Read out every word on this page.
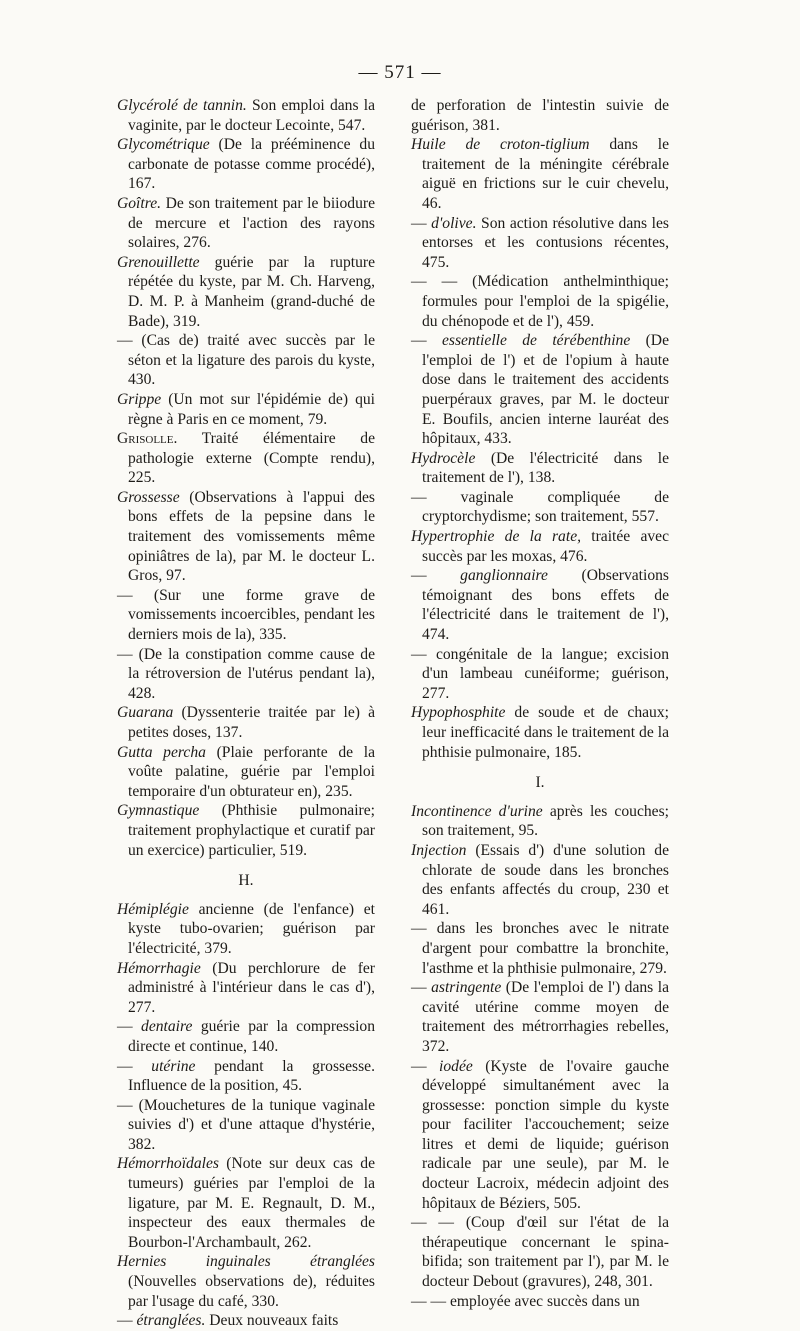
— 571 —

Glycérolé de tannin. Son emploi dans la vaginite, par le docteur Lecointe, 547.

Glycométrique (De la prééminence du carbonate de potasse comme procédé), 167.

Goître. De son traitement par le biiodure de mercure et l'action des rayons solaires, 276.

Grenouillette guérie par la rupture répétée du kyste, par M. Ch. Harveng, D. M. P. à Manheim (grand-duché de Bade), 319.

— (Cas de) traité avec succès par le séton et la ligature des parois du kyste, 430.

Grippe (Un mot sur l'épidémie de) qui règne à Paris en ce moment, 79.

Grisolle. Traité élémentaire de pathologie externe (Compte rendu), 225.

Grossesse (Observations à l'appui des bons effets de la pepsine dans le traitement des vomissements même opiniâtres de la), par M. le docteur L. Gros, 97.

— (Sur une forme grave de vomissements incoercibles, pendant les derniers mois de la), 335.

— (De la constipation comme cause de la rétroversion de l'utérus pendant la), 428.

Guarana (Dyssenterie traitée par le) à petites doses, 137.

Gutta percha (Plaie perforante de la voûte palatine, guérie par l'emploi temporaire d'un obturateur en), 235.

Gymnastique (Phthisie pulmonaire; traitement prophylactique et curatif par un exercice) particulier, 519.

H.

Hémiplégie ancienne (de l'enfance) et kyste tubo-ovarien; guérison par l'électricité, 379.

Hémorrhagie (Du perchlorure de fer administré à l'intérieur dans le cas d'), 277.

— dentaire guérie par la compression directe et continue, 140.

— utérine pendant la grossesse. Influence de la position, 45.

— (Mouchetures de la tunique vaginale suivies d') et d'une attaque d'hystérie, 382.

Hémorrhoïdales (Note sur deux cas de tumeurs) guéries par l'emploi de la ligature, par M. E. Regnault, D. M., inspecteur des eaux thermales de Bourbon-l'Archambault, 262.

Hernies inguinales étranglées (Nouvelles observations de), réduites par l'usage du café, 330.

— étranglées. Deux nouveaux faits

de perforation de l'intestin suivie de guérison, 381.

Huile de croton-tiglium dans le traitement de la méningite cérébrale aiguë en frictions sur le cuir chevelu, 46.

— d'olive. Son action résolutive dans les entorses et les contusions récentes, 475.

— — (Médication anthelminthique; formules pour l'emploi de la spigélie, du chénopode et de l'), 459.

— essentielle de térébenthine (De l'emploi de l') et de l'opium à haute dose dans le traitement des accidents puerpéraux graves, par M. le docteur E. Boufils, ancien interne lauréat des hôpitaux, 433.

Hydrocèle (De l'électricité dans le traitement de l'), 138.

— vaginale compliquée de cryptorchydisme; son traitement, 557.

Hypertrophie de la rate, traitée avec succès par les moxas, 476.

— ganglionnaire (Observations témoignant des bons effets de l'électricité dans le traitement de l'), 474.

— congénitale de la langue; excision d'un lambeau cunéiforme; guérison, 277.

Hypophosphite de soude et de chaux; leur inefficacité dans le traitement de la phthisie pulmonaire, 185.

I.

Incontinence d'urine après les couches; son traitement, 95.

Injection (Essais d') d'une solution de chlorate de soude dans les bronches des enfants affectés du croup, 230 et 461.

— dans les bronches avec le nitrate d'argent pour combattre la bronchite, l'asthme et la phthisie pulmonaire, 279.

— astringente (De l'emploi de l') dans la cavité utérine comme moyen de traitement des métrorrhagies rebelles, 372.

— iodée (Kyste de l'ovaire gauche développé simultanément avec la grossesse: ponction simple du kyste pour faciliter l'accouchement; seize litres et demi de liquide; guérison radicale par une seule), par M. le docteur Lacroix, médecin adjoint des hôpitaux de Béziers, 505.

— — (Coup d'œil sur l'état de la thérapeutique concernant le spina-bifida; son traitement par l'), par M. le docteur Debout (gravures), 248, 301.

— — employée avec succès dans un
